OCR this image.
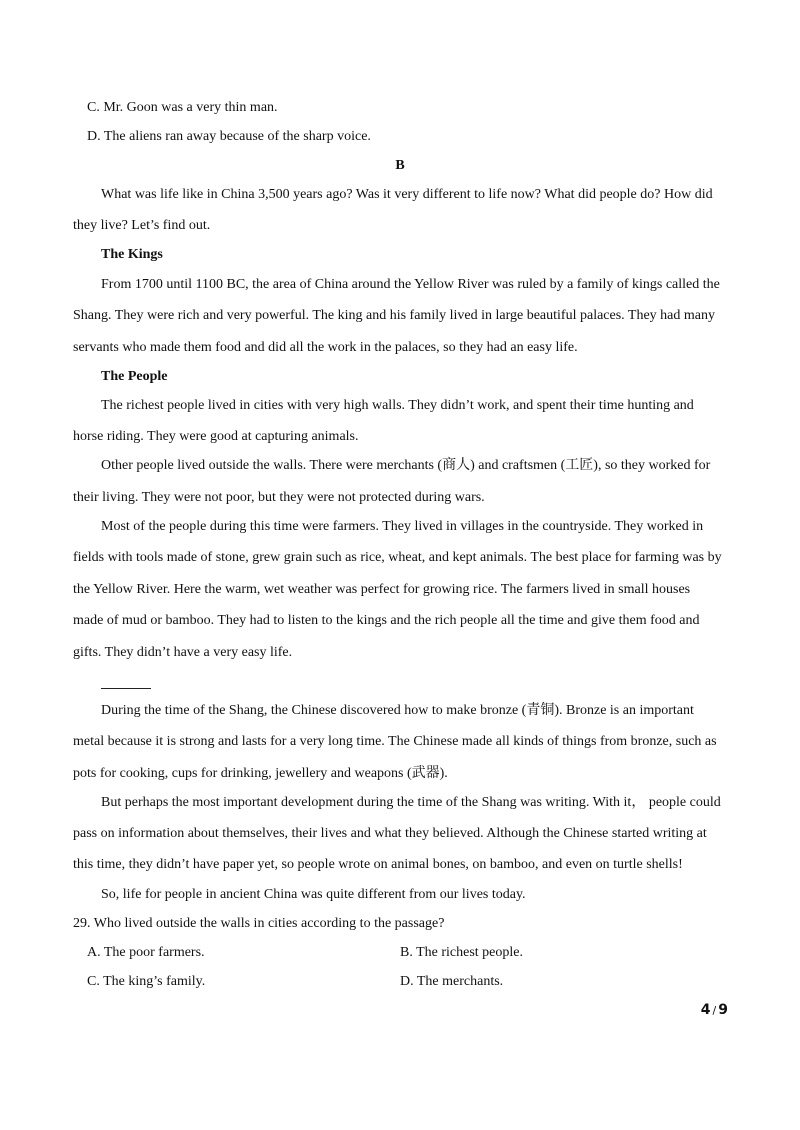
C. Mr. Goon was a very thin man.
D. The aliens ran away because of the sharp voice.
B
What was life like in China 3,500 years ago? Was it very different to life now? What did people do? How did
they live? Let’s find out.
The Kings
From 1700 until 1100 BC, the area of China around the Yellow River was ruled by a family of kings called the
Shang. They were rich and very powerful. The king and his family lived in large beautiful palaces. They had many
servants who made them food and did all the work in the palaces, so they had an easy life.
The People
The richest people lived in cities with very high walls. They didn’t work, and spent their time hunting and
horse riding. They were good at capturing animals.
Other people lived outside the walls. There were merchants (商人) and craftsmen (工匠), so they worked for
their living. They were not poor, but they were not protected during wars.
Most of the people during this time were farmers. They lived in villages in the countryside. They worked in
fields with tools made of stone, grew grain such as rice, wheat, and kept animals. The best place for farming was by
the Yellow River. Here the warm, wet weather was perfect for growing rice. The farmers lived in small houses
made of mud or bamboo. They had to listen to the kings and the rich people all the time and give them food and
gifts. They didn’t have a very easy life.
During the time of the Shang, the Chinese discovered how to make bronze (青铜). Bronze is an important
metal because it is strong and lasts for a very long time. The Chinese made all kinds of things from bronze, such as
pots for cooking, cups for drinking, jewellery and weapons (武器).
But perhaps the most important development during the time of the Shang was writing. With it， people could
pass on information about themselves, their lives and what they believed. Although the Chinese started writing at
this time, they didn’t have paper yet, so people wrote on animal bones, on bamboo, and even on turtle shells!
So, life for people in ancient China was quite different from our lives today.
29. Who lived outside the walls in cities according to the passage?
A. The poor farmers.	B. The richest people.
C. The king’s family.	D. The merchants.
4 / 9
